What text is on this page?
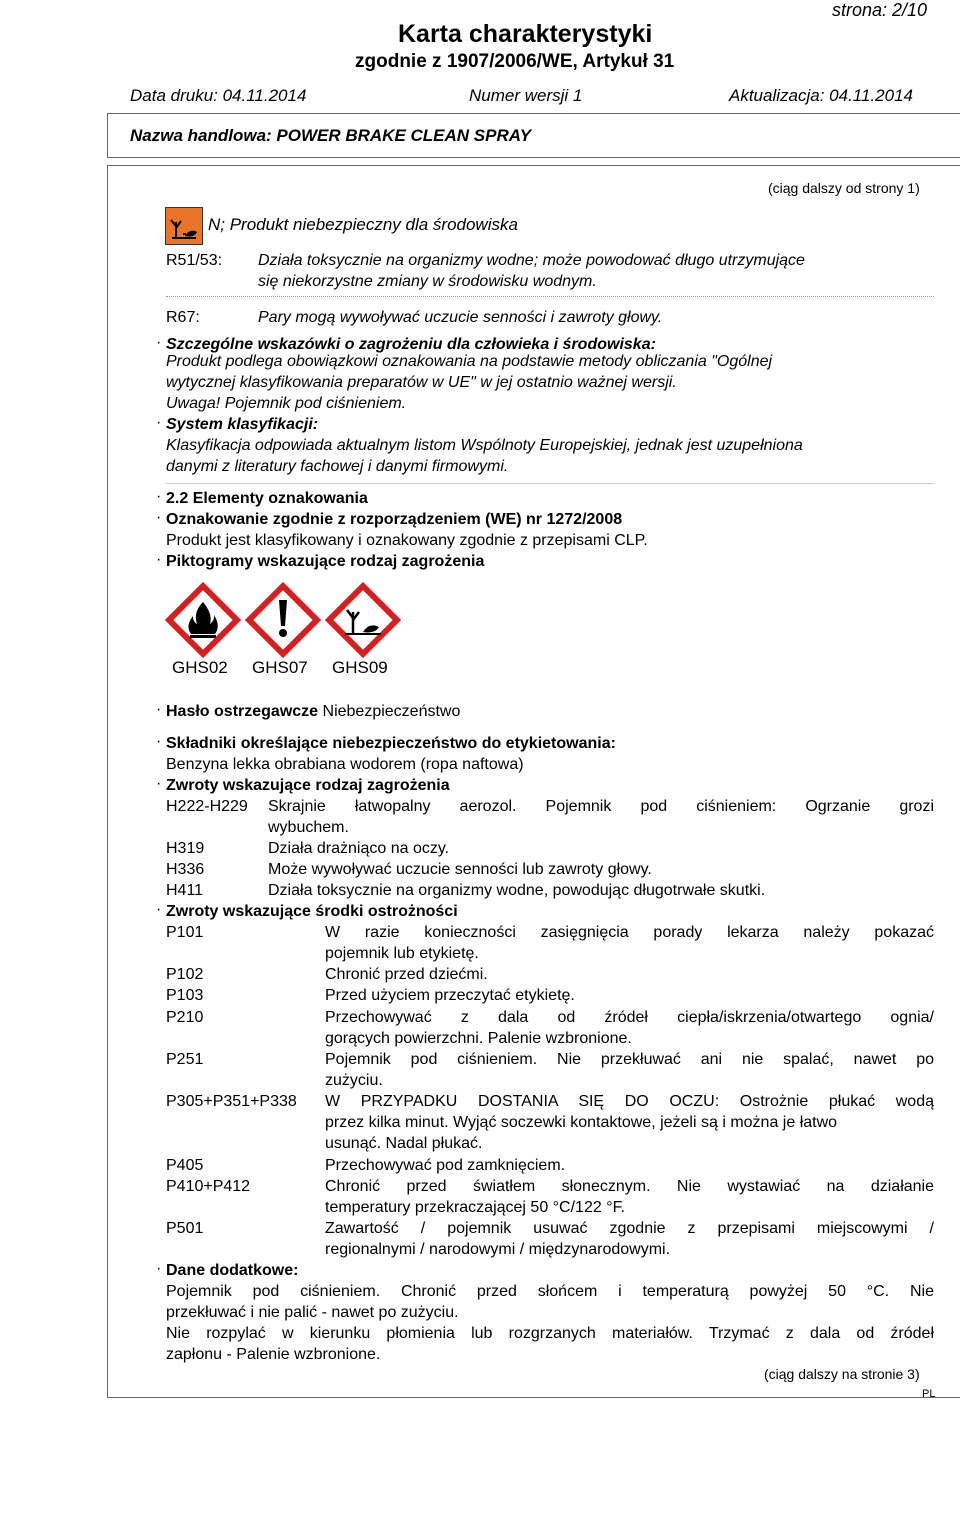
strona: 2/10
Karta charakterystyki
zgodnie z 1907/2006/WE, Artykuł 31
Data druku: 04.11.2014	Numer wersji 1	Aktualizacja: 04.11.2014
Nazwa handlowa: POWER BRAKE CLEAN SPRAY
(ciąg dalszy od strony 1)
N; Produkt niebezpieczny dla środowiska
R51/53: Działa toksycznie na organizmy wodne; może powodować długo utrzymujące
się niekorzystne zmiany w środowisku wodnym.
R67:	Pary mogą wywoływać uczucie senności i zawroty głowy.
· Szczególne wskazówki o zagrożeniu dla człowieka i środowiska:
Produkt podlega obowiązkowi oznakowania na podstawie metody obliczania "Ogólnej
wytycznej klasyfikowania preparatów w UE" w jej ostatnio ważnej wersji.
Uwaga! Pojemnik pod ciśnieniem.
· System klasyfikacji:
Klasyfikacja odpowiada aktualnym listom Wspólnoty Europejskiej, jednak jest uzupełniona
danymi z literatury fachowej i danymi firmowymi.
· 2.2 Elementy oznakowania
· Oznakowanie zgodnie z rozporządzeniem (WE) nr 1272/2008
Produkt jest klasyfikowany i oznakowany zgodnie z przepisami CLP.
· Piktogramy wskazujące rodzaj zagrożenia
GHS02 GHS07 GHS09
· Hasło ostrzegawcze Niebezpieczeństwo
· Składniki określające niebezpieczeństwo do etykietowania:
Benzyna lekka obrabiana wodorem (ropa naftowa)
· Zwroty wskazujące rodzaj zagrożenia
H222-H229 Skrajnie łatwopalny aerozol. Pojemnik pod ciśnieniem: Ogrzanie grozi
wybuchem.
H319	Działa drażniąco na oczy.
H336	Może wywoływać uczucie senności lub zawroty głowy.
H411	Działa toksycznie na organizmy wodne, powodując długotrwałe skutki.
· Zwroty wskazujące środki ostrożności
P101	W razie konieczności zasięgnięcia porady lekarza należy pokazać
pojemnik lub etykietę.
P102	Chronić przed dziećmi.
P103	Przed użyciem przeczytać etykietę.
P210	Przechowywać z dala od źródeł ciepła/iskrzenia/otwartego ognia/
gorących powierzchni. Palenie wzbronione.
P251	Pojemnik pod ciśnieniem. Nie przekłuwać ani nie spalać, nawet po
zużyciu.
P305+P351+P338 W PRZYPADKU DOSTANIA SIĘ DO OCZU: Ostrożnie płukać wodą
przez kilka minut. Wyjąć soczewki kontaktowe, jeżeli są i można je łatwo
usunąć. Nadal płukać.
P405	Przechowywać pod zamknięciem.
P410+P412	Chronić przed światłem słonecznym. Nie wystawiać na działanie
temperatury przekraczającej 50 °C/122 °F.
P501	Zawartość / pojemnik usuwać zgodnie z przepisami miejscowymi /
regionalnymi / narodowymi / międzynarodowymi.
· Dane dodatkowe:
Pojemnik pod ciśnieniem. Chronić przed słońcem i temperaturą powyżej 50 °C. Nie
przekłuwać i nie palić - nawet po zużyciu.
Nie rozpylać w kierunku płomienia lub rozgrzanych materiałów. Trzymać z dala od źródeł
zapłonu - Palenie wzbronione.
(ciąg dalszy na stronie 3)
PL
